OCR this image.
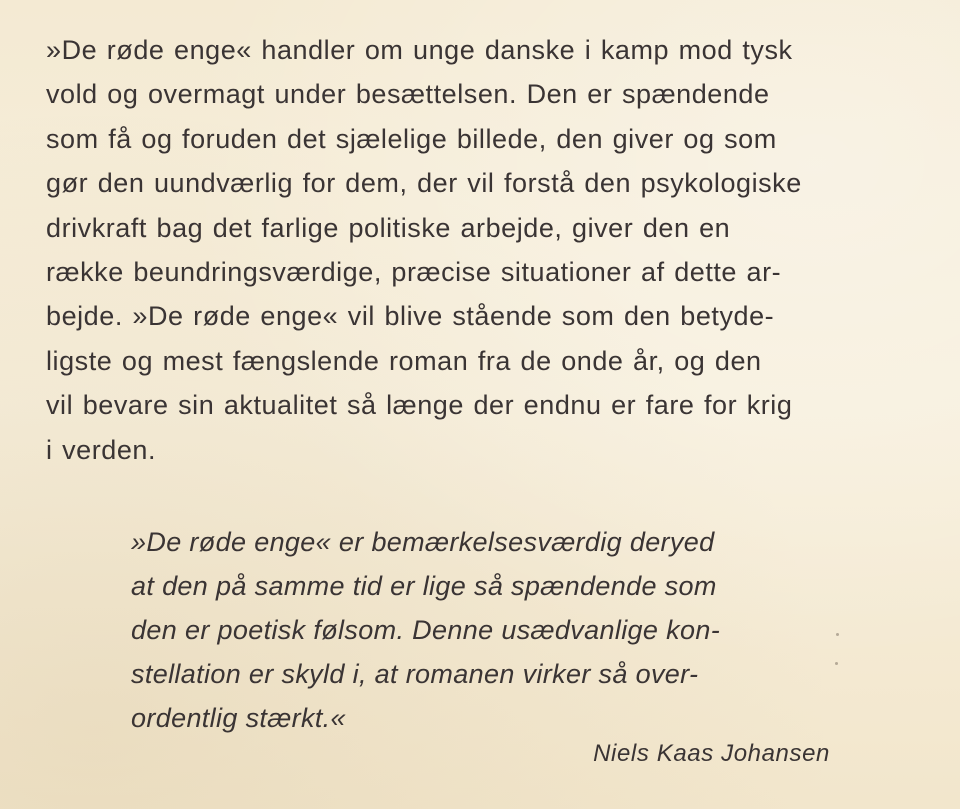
»De røde enge« handler om unge danske i kamp mod tysk
vold og overmagt under besættelsen. Den er spændende
som få og foruden det sjælelige billede, den giver og som
gør den uundværlig for dem, der vil forstå den psykologiske
drivkraft bag det farlige politiske arbejde, giver den en
række beundringsværdige, præcise situationer af dette ar-
bejde. »De røde enge« vil blive stående som den betyde-
ligste og mest fængslende roman fra de onde år, og den
vil bevare sin aktualitet så længe der endnu er fare for krig
i verden.

»De røde enge« er bemærkelsesværdig deryed
at den på samme tid er lige så spændende som
den er poetisk følsom. Denne usædvanlige kon-
stellation er skyld i, at romanen virker så over-
ordentlig stærkt.«

Niels Kaas Johansen
